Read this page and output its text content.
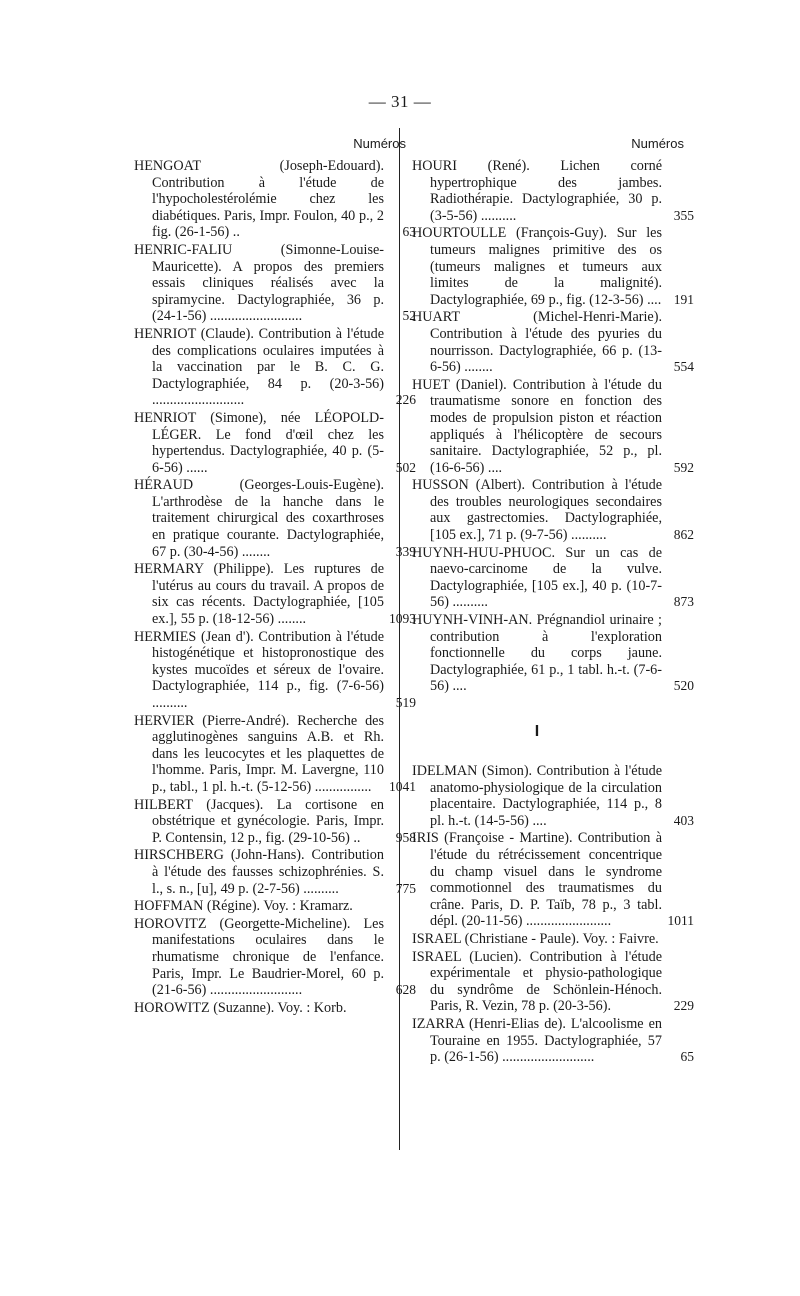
— 31 —
Numéros
HENGOAT (Joseph-Edouard). Contribution à l'étude de l'hypocholestérolémie chez les diabétiques. Paris, Impr. Foulon, 40 p., 2 fig. (26-1-56) ..	63
HENRIC-FALIU (Simonne-Louise-Mauricette). A propos des premiers essais cliniques réalisés avec la spiramycine. Dactylographiée, 36 p. (24-1-56) ..........................	52
HENRIOT (Claude). Contribution à l'étude des complications oculaires imputées à la vaccination par le B. C. G. Dactylographiée, 84 p. (20-3-56) ..........................	226
HENRIOT (Simone), née LÉOPOLD-LÉGER. Le fond d'œil chez les hypertendus. Dactylographiée, 40 p. (5-6-56) ......	502
HÉRAUD (Georges-Louis-Eugène). L'arthrodèse de la hanche dans le traitement chirurgical des coxarthroses en pratique courante. Dactylographiée, 67 p. (30-4-56) ........	339
HERMARY (Philippe). Les ruptures de l'utérus au cours du travail. A propos de six cas récents. Dactylographiée, [105 ex.], 55 p. (18-12-56) ........	1093
HERMIES (Jean d'). Contribution à l'étude histogénétique et histopronostique des kystes mucoïdes et séreux de l'ovaire. Dactylographiée, 114 p., fig. (7-6-56) ..........	519
HERVIER (Pierre-André). Recherche des agglutinogènes sanguins A.B. et Rh. dans les leucocytes et les plaquettes de l'homme. Paris, Impr. M. Lavergne, 110 p., tabl., 1 pl. h.-t. (5-12-56) ................	1041
HILBERT (Jacques). La cortisone en obstétrique et gynécologie. Paris, Impr. P. Contensin, 12 p., fig. (29-10-56) ..	958
HIRSCHBERG (John-Hans). Contribution à l'étude des fausses schizophrénies. S. l., s. n., [u], 49 p. (2-7-56) ..........	775
HOFFMAN (Régine). Voy. : Kramarz.
HOROVITZ (Georgette-Micheline). Les manifestations oculaires dans le rhumatisme chronique de l'enfance. Paris, Impr. Le Baudrier-Morel, 60 p. (21-6-56) ..........................	628
HOROWITZ (Suzanne). Voy. : Korb.
Numéros
HOURI (René). Lichen corné hypertrophique des jambes. Radiothérapie. Dactylographiée, 30 p. (3-5-56) ..........	355
HOURTOULLE (François-Guy). Sur les tumeurs malignes primitive des os (tumeurs malignes et tumeurs aux limites de la malignité). Dactylographiée, 69 p., fig. (12-3-56) .... 191
HUART (Michel-Henri-Marie). Contribution à l'étude des pyuries du nourrisson. Dactylographiée, 66 p. (13-6-56) ........	554
HUET (Daniel). Contribution à l'étude du traumatisme sonore en fonction des modes de propulsion piston et réaction appliqués à l'hélicoptère de secours sanitaire. Dactylographiée, 52 p., pl. (16-6-56) ....	592
HUSSON (Albert). Contribution à l'étude des troubles neurologiques secondaires aux gastrectomies. Dactylographiée, [105 ex.], 71 p. (9-7-56) ..........	862
HUYNH-HUU-PHUOC. Sur un cas de naevo-carcinome de la vulve. Dactylographiée, [105 ex.], 40 p. (10-7-56) ..........	873
HUYNH-VINH-AN. Prégnandiol urinaire ; contribution à l'exploration fonctionnelle du corps jaune. Dactylographiée, 61 p., 1 tabl. h.-t. (7-6-56) ....	520
I
IDELMAN (Simon). Contribution à l'étude anatomo-physiologique de la circulation placentaire. Dactylographiée, 114 p., 8 pl. h.-t. (14-5-56) ....	403
IRIS (Françoise - Martine). Contribution à l'étude du rétrécissement concentrique du champ visuel dans le syndrome commotionnel des traumatismes du crâne. Paris, D. P. Taïb, 78 p., 3 tabl. dépl. (20-11-56) ........................	1011
ISRAEL (Christiane - Paule). Voy. : Faivre.
ISRAEL (Lucien). Contribution à l'étude expérimentale et physio-pathologique du syndrôme de Schönlein-Hénoch. Paris, R. Vezin, 78 p. (20-3-56).	229
IZARRA (Henri-Elias de). L'alcoolisme en Touraine en 1955. Dactylographiée, 57 p. (26-1-56) ..........................	65
